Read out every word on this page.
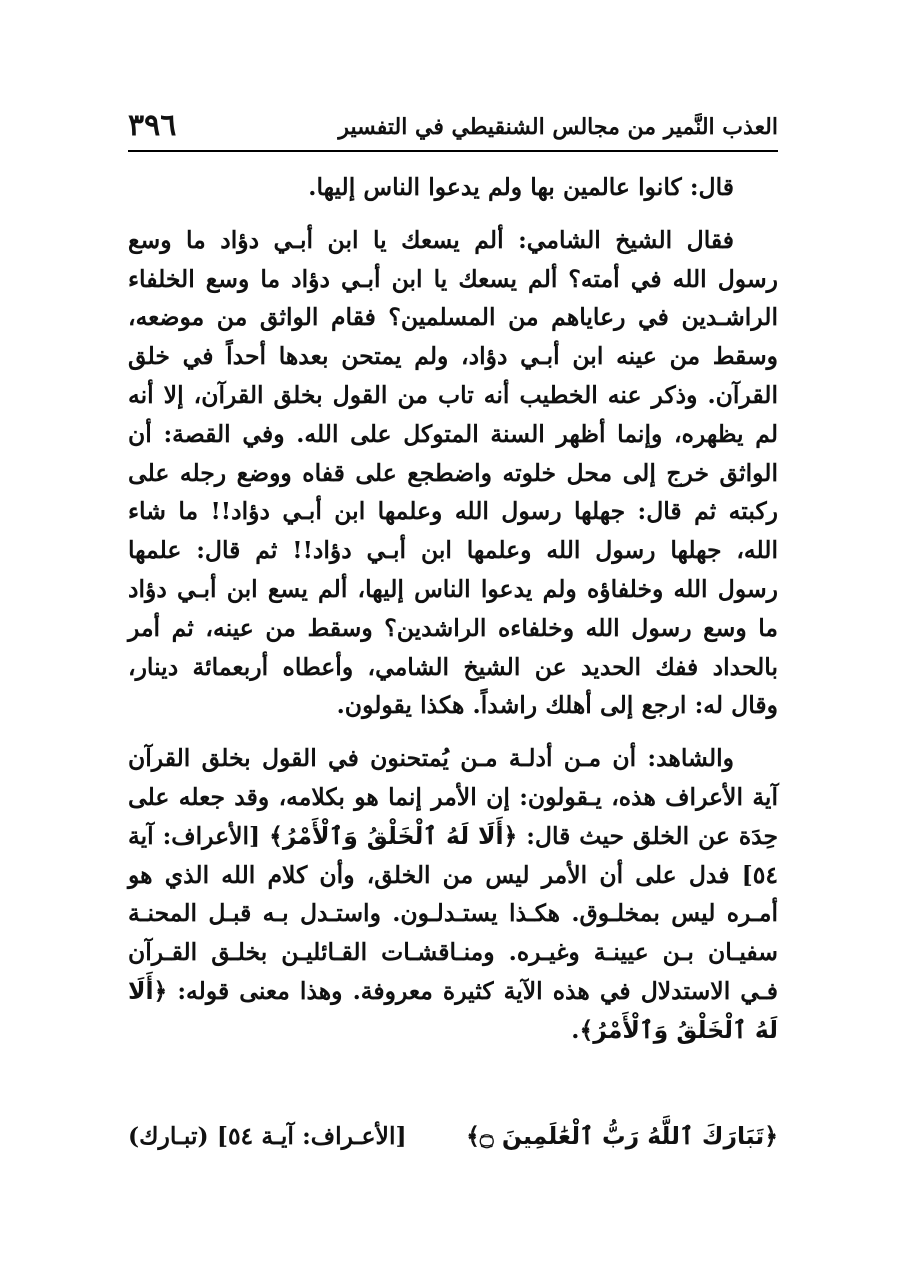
العذب النَّمير من مجالس الشنقيطي في التفسير
٣٩٦

قال: كانوا عالمين بها ولم يدعوا الناس إليها.

فقال الشيخ الشامي: ألم يسعك يا ابن أبـي دؤاد ما وسع رسول الله في أمته؟ ألم يسعك يا ابن أبـي دؤاد ما وسع الخلفاء الراشـدين في رعاياهم من المسلمين؟ فقام الواثق من موضعه، وسقط من عينه ابن أبـي دؤاد، ولم يمتحن بعدها أحداً في خلق القرآن. وذكر عنه الخطيب أنه تاب من القول بخلق القرآن، إلا أنه لم يظهره، وإنما أظهر السنة المتوكل على الله. وفي القصة: أن الواثق خرج إلى محل خلوته واضطجع على قفاه ووضع رجله على ركبته ثم قال: جهلها رسول الله وعلمها ابن أبـي دؤاد!! ما شاء الله، جهلها رسول الله وعلمها ابن أبـي دؤاد!! ثم قال: علمها رسول الله وخلفاؤه ولم يدعوا الناس إليها، ألم يسع ابن أبـي دؤاد ما وسع رسول الله وخلفاءه الراشدين؟ وسقط من عينه، ثم أمر بالحداد ففك الحديد عن الشيخ الشامي، وأعطاه أربعمائة دينار، وقال له: ارجع إلى أهلك راشداً. هكذا يقولون.

والشاهد: أن مـن أدلـة مـن يُمتحنون في القول بخلق القرآن آية الأعراف هذه، يـقولون: إن الأمر إنما هو بكلامه، وقد جعله على حِدَة عن الخلق حيث قال: ﴿أَلَا لَهُ ٱلْخَلْقُ وَٱلْأَمْرُ﴾ [الأعراف: آية ٥٤] فدل على أن الأمر ليس من الخلق، وأن كلام الله الذي هو أمـره ليس بمخلـوق. هكـذا يستـدلـون. واستـدل بـه قبـل المحنـة سفيـان بـن عيينـة وغيـره. ومنـاقشـات القـائليـن بخلـق القـرآن فـي الاستدلال في هذه الآية كثيرة معروفة. وهذا معنى قوله: ﴿أَلَا لَهُ ٱلْخَلْقُ وَٱلْأَمْرُ﴾.

﴿تَبَارَكَ ٱللَّهُ رَبُّ ٱلْعَٰلَمِينَ ۝﴾
[الأعـراف: آيـة ٥٤] (تبـارك)
